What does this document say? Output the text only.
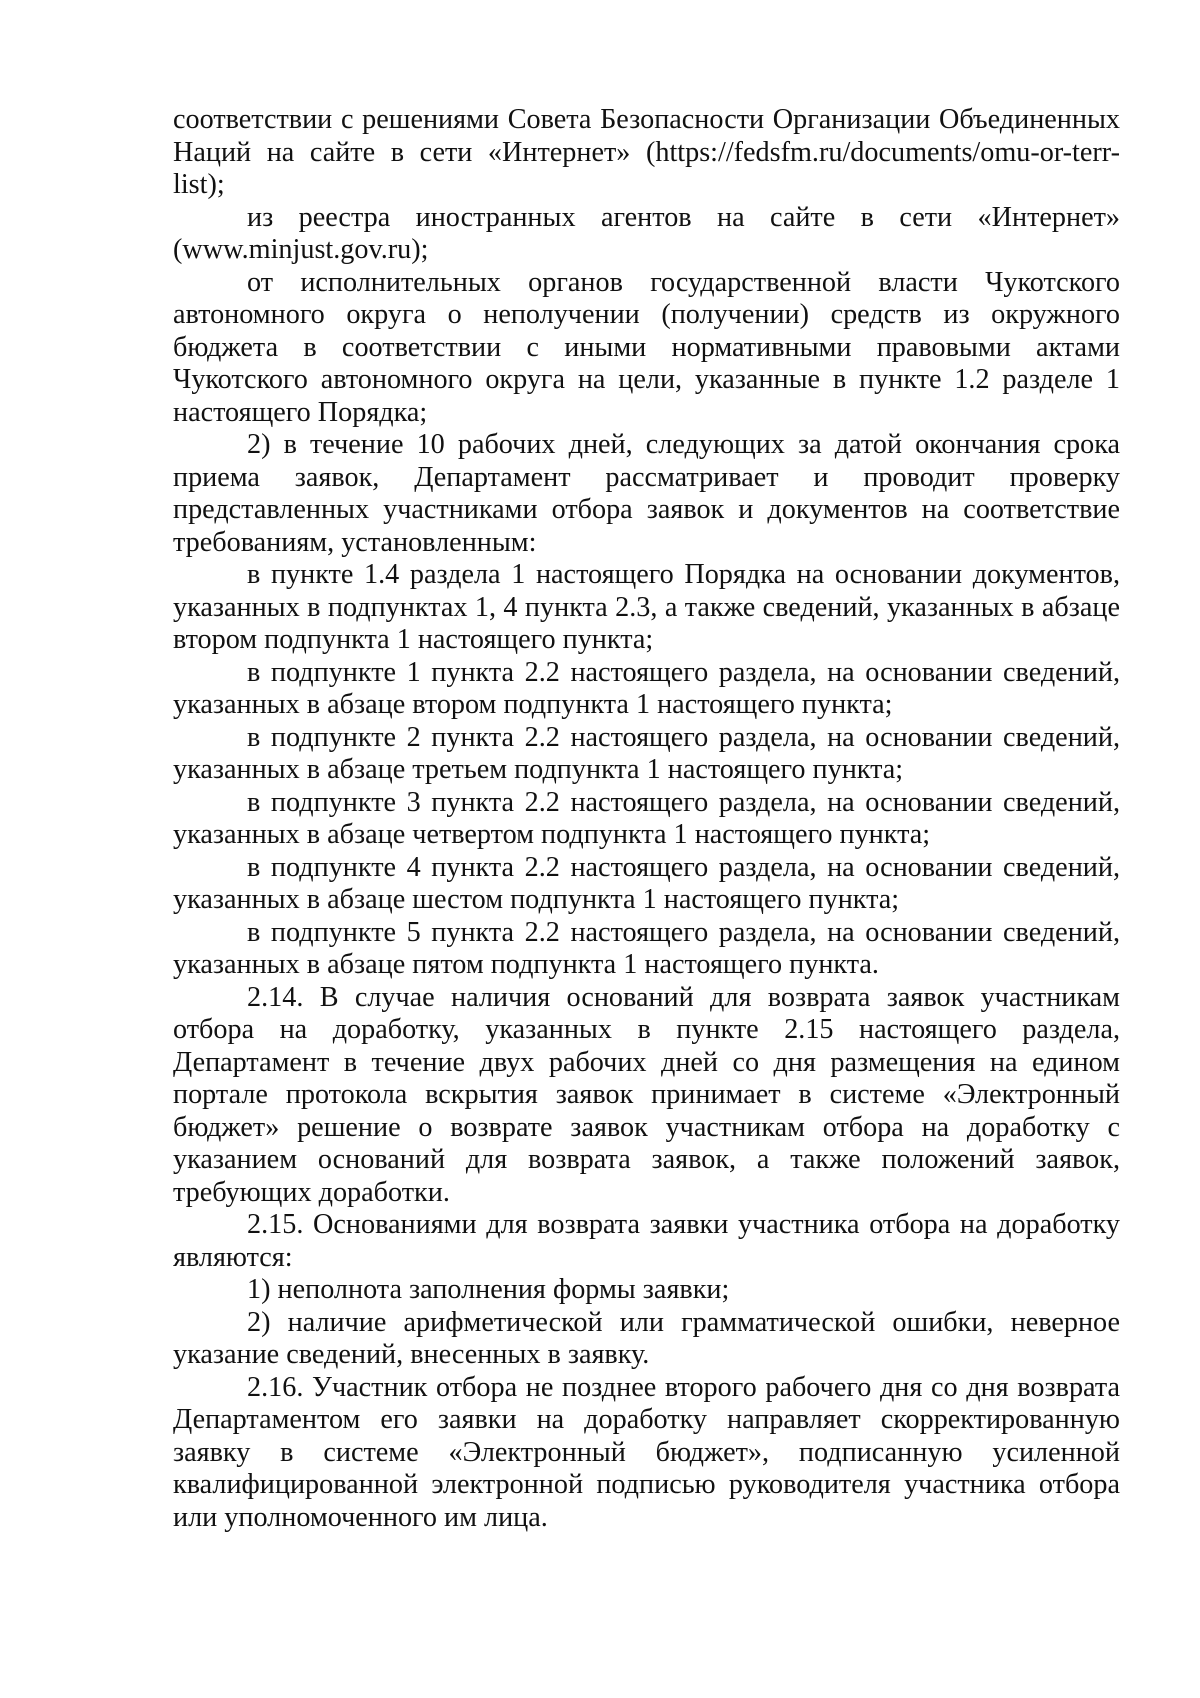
соответствии с решениями Совета Безопасности Организации Объединенных Наций на сайте в сети «Интернет» (https://fedsfm.ru/documents/omu-or-terr-list);

из реестра иностранных агентов на сайте в сети «Интернет» (www.minjust.gov.ru);

от исполнительных органов государственной власти Чукотского автономного округа о неполучении (получении) средств из окружного бюджета в соответствии с иными нормативными правовыми актами Чукотского автономного округа на цели, указанные в пункте 1.2 разделе 1 настоящего Порядка;

2) в течение 10 рабочих дней, следующих за датой окончания срока приема заявок, Департамент рассматривает и проводит проверку представленных участниками отбора заявок и документов на соответствие требованиям, установленным:

в пункте 1.4 раздела 1 настоящего Порядка на основании документов, указанных в подпунктах 1, 4 пункта 2.3, а также сведений, указанных в абзаце втором подпункта 1 настоящего пункта;

в подпункте 1 пункта 2.2 настоящего раздела, на основании сведений, указанных в абзаце втором подпункта 1 настоящего пункта;

в подпункте 2 пункта 2.2 настоящего раздела, на основании сведений, указанных в абзаце третьем подпункта 1 настоящего пункта;

в подпункте 3 пункта 2.2 настоящего раздела, на основании сведений, указанных в абзаце четвертом подпункта 1 настоящего пункта;

в подпункте 4 пункта 2.2 настоящего раздела, на основании сведений, указанных в абзаце шестом подпункта 1 настоящего пункта;

в подпункте 5 пункта 2.2 настоящего раздела, на основании сведений, указанных в абзаце пятом подпункта 1 настоящего пункта.

2.14. В случае наличия оснований для возврата заявок участникам отбора на доработку, указанных в пункте 2.15 настоящего раздела, Департамент в течение двух рабочих дней со дня размещения на едином портале протокола вскрытия заявок принимает в системе «Электронный бюджет» решение о возврате заявок участникам отбора на доработку с указанием оснований для возврата заявок, а также положений заявок, требующих доработки.

2.15. Основаниями для возврата заявки участника отбора на доработку являются:

1) неполнота заполнения формы заявки;

2) наличие арифметической или грамматической ошибки, неверное указание сведений, внесенных в заявку.

2.16. Участник отбора не позднее второго рабочего дня со дня возврата Департаментом его заявки на доработку направляет скорректированную заявку в системе «Электронный бюджет», подписанную усиленной квалифицированной электронной подписью руководителя участника отбора или уполномоченного им лица.
